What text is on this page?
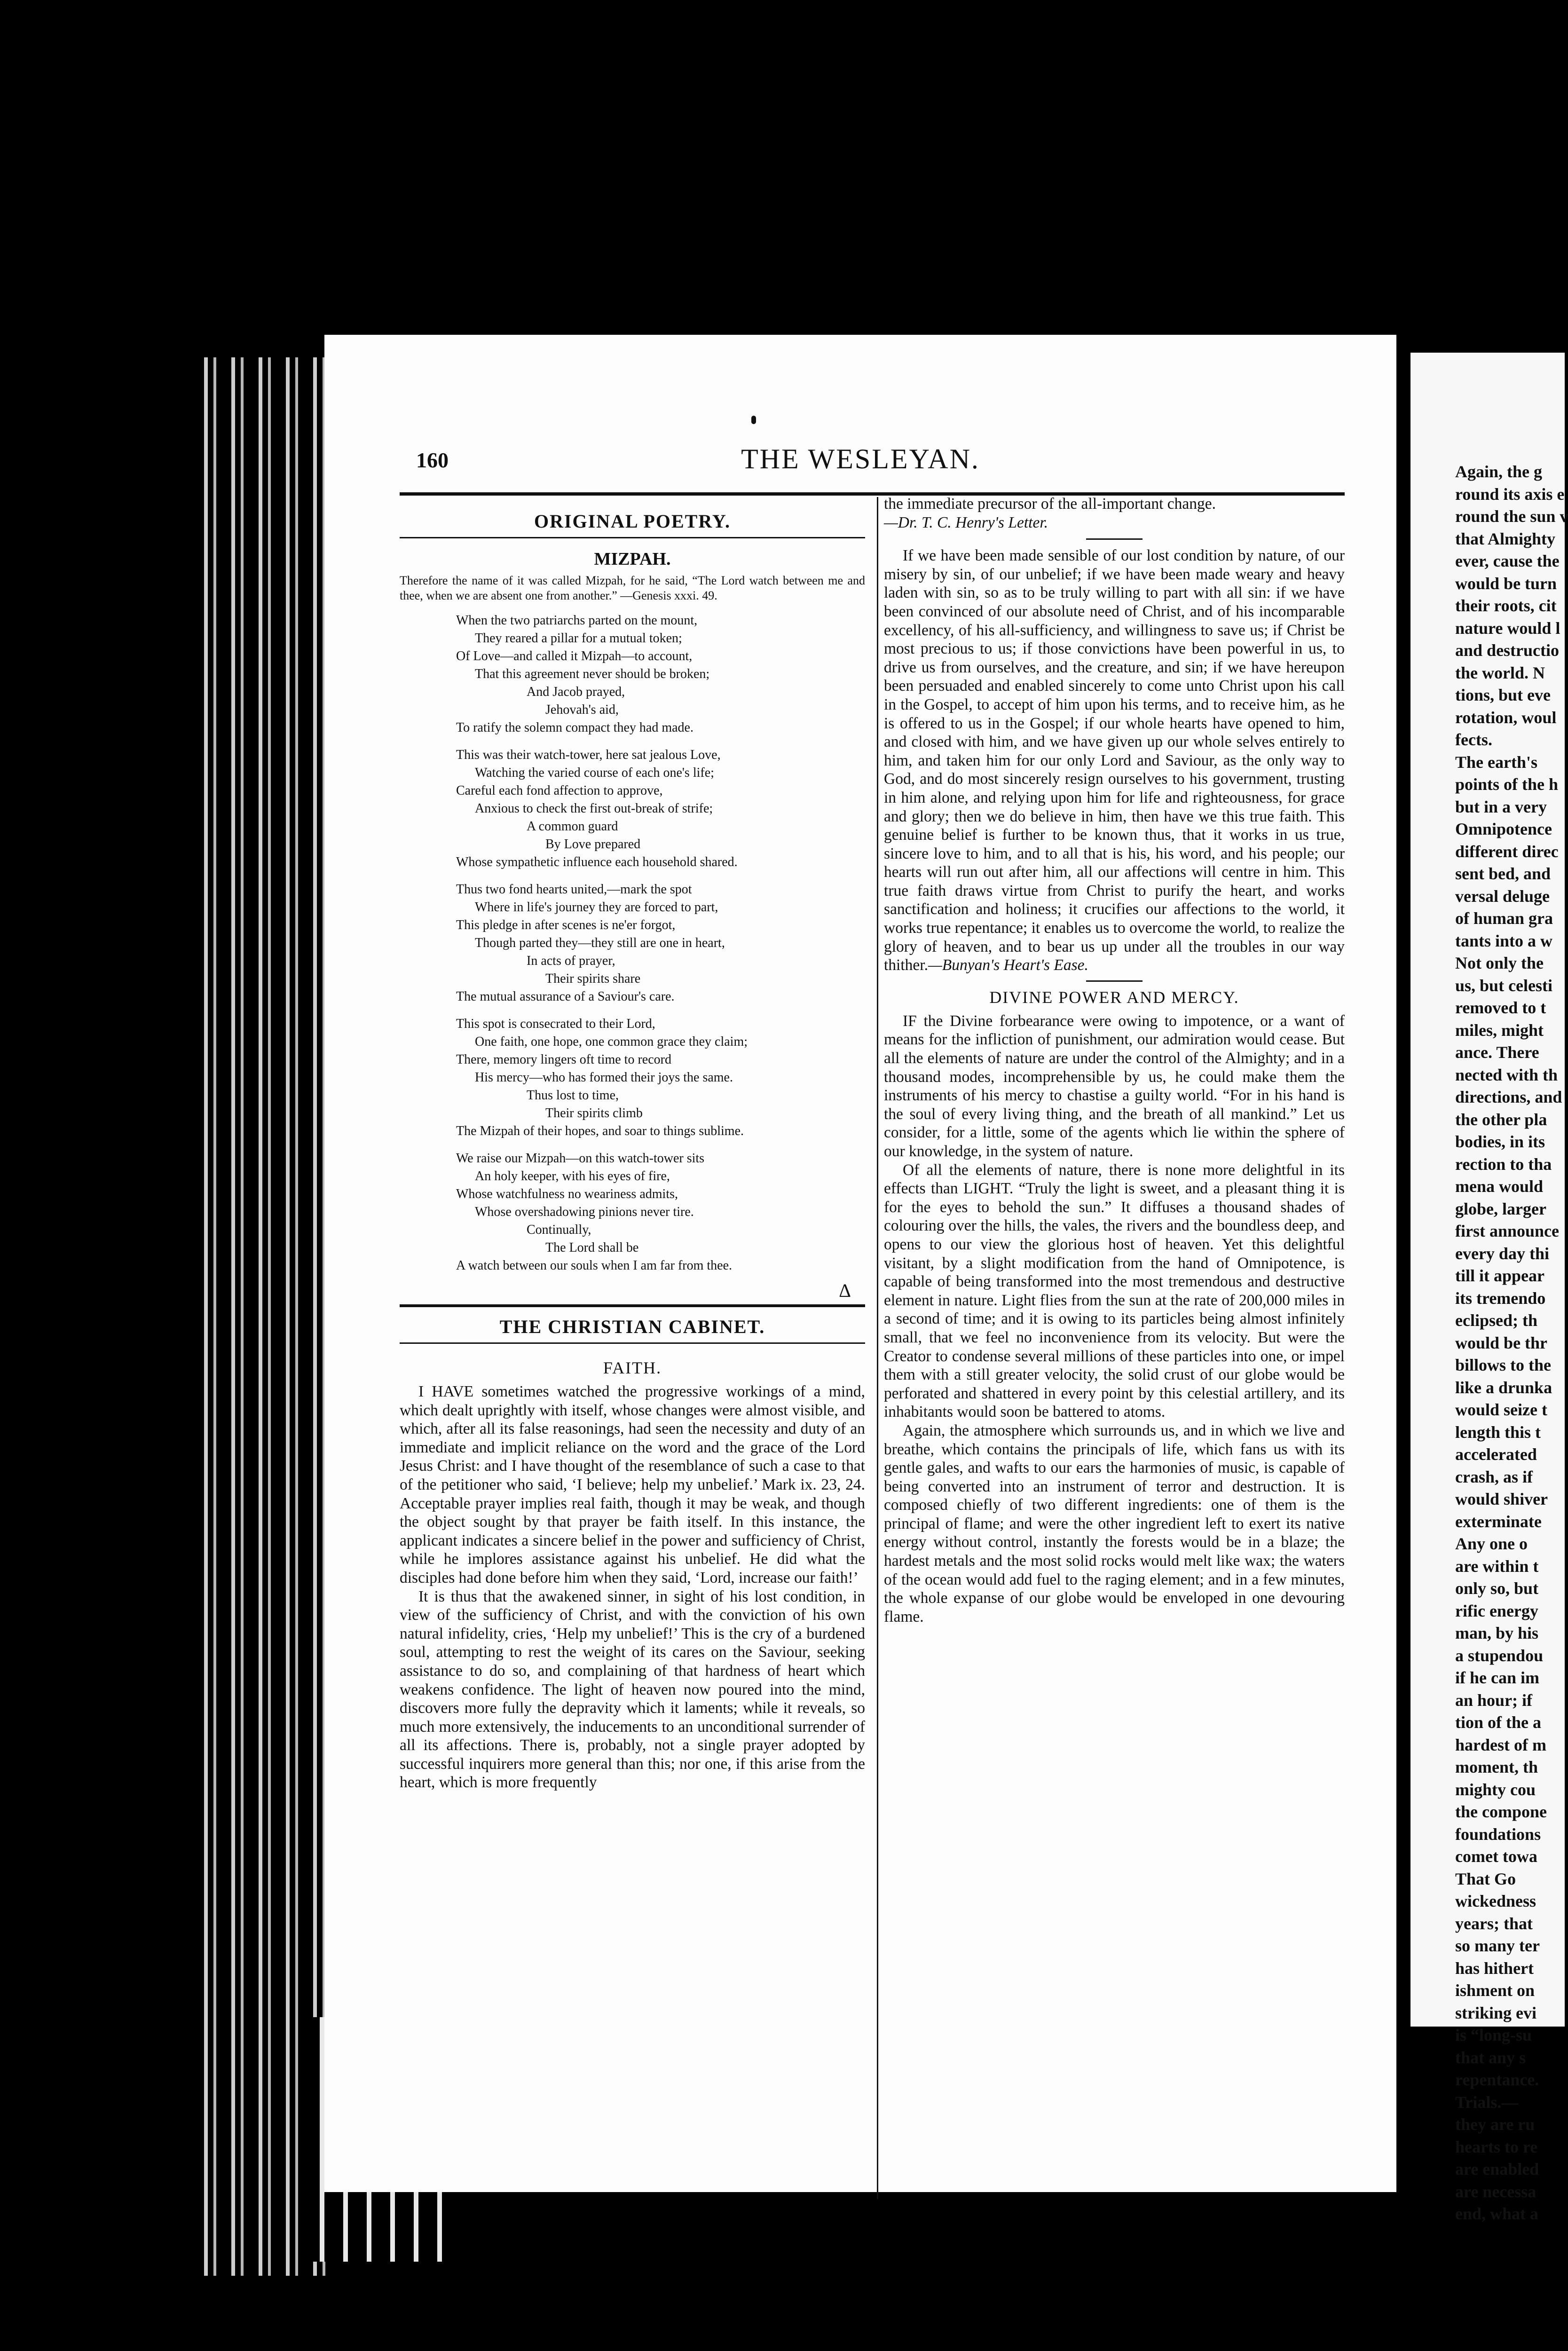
160	THE WESLEYAN.
ORIGINAL POETRY.
MIZPAH.

Therefore the name of it was called Mizpah, for he said, “The Lord watch between me and thee, when we are absent one from another.” —Genesis xxxi. 49.

When the two patriarchs parted on the mount,
They reared a pillar for a mutual token;
Of Love—and called it Mizpah—to account,
That this agreement never should be broken;
And Jacob prayed,
Jehovah's aid,
To ratify the solemn compact they had made.
This was their watch-tower, here sat jealous Love,
Watching the varied course of each one's life;
Careful each fond affection to approve,
Anxious to check the first out-break of strife;
A common guard
By Love prepared
Whose sympathetic influence each household shared.
Thus two fond hearts united,—mark the spot
Where in life's journey they are forced to part,
This pledge in after scenes is ne'er forgot,
Though parted they—they still are one in heart,
In acts of prayer,
Their spirits share
The mutual assurance of a Saviour's care.
This spot is consecrated to their Lord,
One faith, one hope, one common grace they claim;
There, memory lingers oft time to record
His mercy—who has formed their joys the same.
Thus lost to time,
Their spirits climb
The Mizpah of their hopes, and soar to things sublime.
We raise our Mizpah—on this watch-tower sits
An holy keeper, with his eyes of fire,
Whose watchfulness no weariness admits,
Whose overshadowing pinions never tire.
Continually,
The Lord shall be
A watch between our souls when I am far from thee.
Δ
THE CHRISTIAN CABINET.
FAITH.

I HAVE sometimes watched the progressive workings of a mind, which dealt uprightly with itself, whose changes were almost visible, and which, after all its false reasonings, had seen the necessity and duty of an immediate and implicit reliance on the word and the grace of the Lord Jesus Christ: and I have thought of the resemblance of such a case to that of the petitioner who said, ‘I believe; help my unbelief.’ Mark ix. 23, 24. Acceptable prayer implies real faith, though it may be weak, and though the object sought by that prayer be faith itself. In this instance, the applicant indicates a sincere belief in the power and sufficiency of Christ, while he implores assistance against his unbelief. He did what the disciples had done before him when they said, ‘Lord, increase our faith!’

It is thus that the awakened sinner, in sight of his lost condition, in view of the sufficiency of Christ, and with the conviction of his own natural infidelity, cries, ‘Help my unbelief!’ This is the cry of a burdened soul, attempting to rest the weight of its cares on the Saviour, seeking assistance to do so, and complaining of that hardness of heart which weakens confidence. The light of heaven now poured into the mind, discovers more fully the depravity which it laments; while it reveals, so much more extensively, the inducements to an unconditional surrender of all its affections. There is, probably, not a single prayer adopted by successful inquirers more general than this; nor one, if this arise from the heart, which is more frequently

the immediate precursor of the all-important change.
—Dr. T. C. Henry's Letter.

If we have been made sensible of our lost condition by nature, of our misery by sin, of our unbelief; if we have been made weary and heavy laden with sin, so as to be truly willing to part with all sin: if we have been convinced of our absolute need of Christ, and of his incomparable excellency, of his all-sufficiency, and willingness to save us; if Christ be most precious to us; if those convictions have been powerful in us, to drive us from ourselves, and the creature, and sin; if we have hereupon been persuaded and enabled sincerely to come unto Christ upon his call in the Gospel, to accept of him upon his terms, and to receive him, as he is offered to us in the Gospel; if our whole hearts have opened to him, and closed with him, and we have given up our whole selves entirely to him, and taken him for our only Lord and Saviour, as the only way to God, and do most sincerely resign ourselves to his government, trusting in him alone, and relying upon him for life and righteousness, for grace and glory; then we do believe in him, then have we this true faith. This genuine belief is further to be known thus, that it works in us true, sincere love to him, and to all that is his, his word, and his people; our hearts will run out after him, all our affections will centre in him. This true faith draws virtue from Christ to purify the heart, and works sanctification and holiness; it crucifies our affections to the world, it works true repentance; it enables us to overcome the world, to realize the glory of heaven, and to bear us up under all the troubles in our way thither.—Bunyan's Heart's Ease.

DIVINE POWER AND MERCY.

IF the Divine forbearance were owing to impotence, or a want of means for the infliction of punishment, our admiration would cease. But all the elements of nature are under the control of the Almighty; and in a thousand modes, incomprehensible by us, he could make them the instruments of his mercy to chastise a guilty world. “For in his hand is the soul of every living thing, and the breath of all mankind.” Let us consider, for a little, some of the agents which lie within the sphere of our knowledge, in the system of nature.

Of all the elements of nature, there is none more delightful in its effects than LIGHT. “Truly the light is sweet, and a pleasant thing it is for the eyes to behold the sun.” It diffuses a thousand shades of colouring over the hills, the vales, the rivers and the boundless deep, and opens to our view the glorious host of heaven. Yet this delightful visitant, by a slight modification from the hand of Omnipotence, is capable of being transformed into the most tremendous and destructive element in nature. Light flies from the sun at the rate of 200,000 miles in a second of time; and it is owing to its particles being almost infinitely small, that we feel no inconvenience from its velocity. But were the Creator to condense several millions of these particles into one, or impel them with a still greater velocity, the solid crust of our globe would be perforated and shattered in every point by this celestial artillery, and its inhabitants would soon be battered to atoms.

Again, the atmosphere which surrounds us, and in which we live and breathe, which contains the principals of life, which fans us with its gentle gales, and wafts to our ears the harmonies of music, is capable of being converted into an instrument of terror and destruction. It is composed chiefly of two different ingredients: one of them is the principal of flame; and were the other ingredient left to exert its native energy without control, instantly the forests would be in a blaze; the hardest metals and the most solid rocks would melt like wax; the waters of the ocean would add fuel to the raging element; and in a few minutes, the whole expanse of our globe would be enveloped in one devouring flame.

Again, the g
round its axis e
round the sun v
that Almighty
ever, cause the
would be turn
their roots, cit
nature would l
and destructio
the world. N
tions, but eve
rotation, woul
fects.
The earth's
points of the h
but in a very
Omnipotence
different direc
sent bed, and
versal deluge
of human gra
tants into a w
Not only the
us, but celesti
removed to t
miles, might
ance. There
nected with th
directions, and
the other pla
bodies, in its
rection to tha
mena would
globe, larger
first announce
every day thi
till it appear
its tremendo
eclipsed; th
would be thr
billows to the
like a drunka
would seize t
length this t
accelerated
crash, as if
would shiver
exterminate
Any one o
are within t
only so, but
rific energy
man, by his
a stupendou
if he can im
an hour; if
tion of the a
hardest of m
moment, th
mighty cou
the compone
foundations
comet towa
That Go
wickedness
years; that
so many ter
has hithert
ishment on
striking evi
is “long-su
that any s
repentance.
Trials.—
they are ru
hearts to re
are enabled
are necessa
end, what a
